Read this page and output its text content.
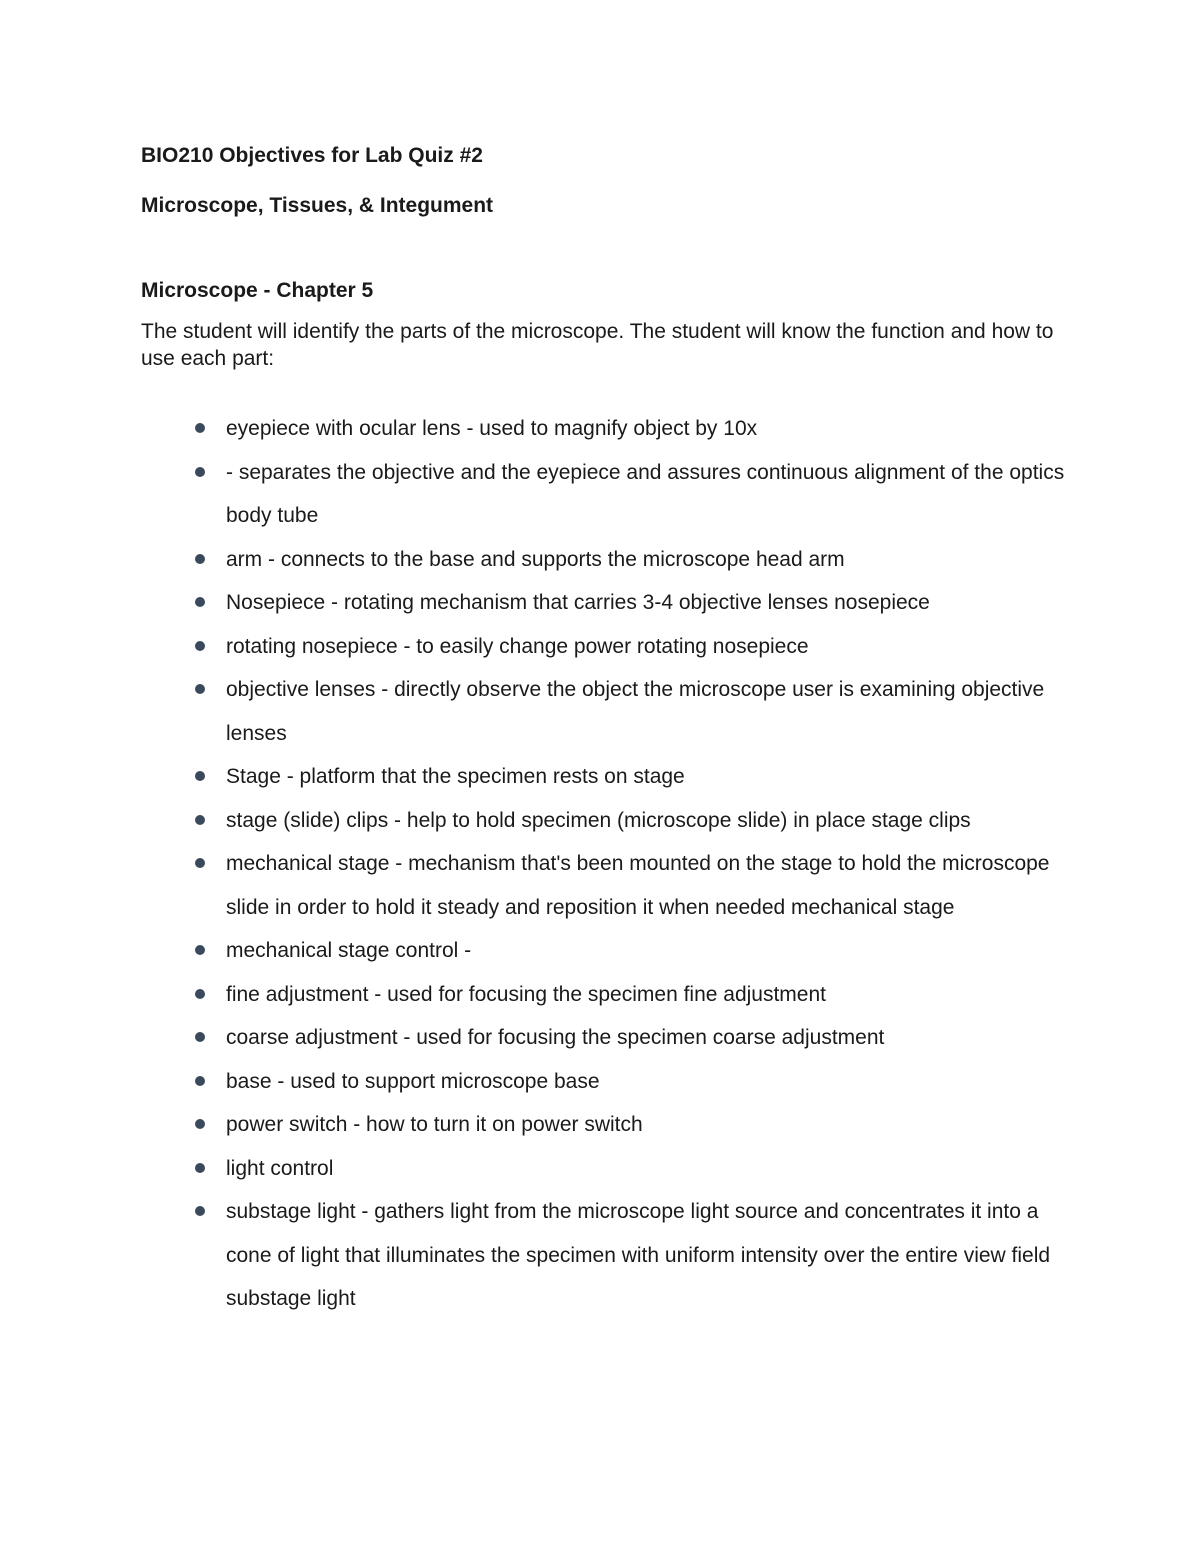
BIO210 Objectives for Lab Quiz #2
Microscope, Tissues, & Integument
Microscope - Chapter 5

The student will identify the parts of the microscope. The student will know the function and how to use each part:

eyepiece with ocular lens - used to magnify object by 10x
- separates the objective and the eyepiece and assures continuous alignment of the optics body tube
arm - connects to the base and supports the microscope head arm
Nosepiece - rotating mechanism that carries 3-4 objective lenses nosepiece
rotating nosepiece - to easily change power rotating nosepiece
objective lenses - directly observe the object the microscope user is examining objective lenses
Stage - platform that the specimen rests on stage
stage (slide) clips - help to hold specimen (microscope slide) in place stage clips
mechanical stage - mechanism that's been mounted on the stage to hold the microscope slide in order to hold it steady and reposition it when needed mechanical stage
mechanical stage control -
fine adjustment - used for focusing the specimen fine adjustment
coarse adjustment - used for focusing the specimen coarse adjustment
base - used to support microscope base
power switch - how to turn it on power switch
light control
substage light - gathers light from the microscope light source and concentrates it into a cone of light that illuminates the specimen with uniform intensity over the entire view field substage light
